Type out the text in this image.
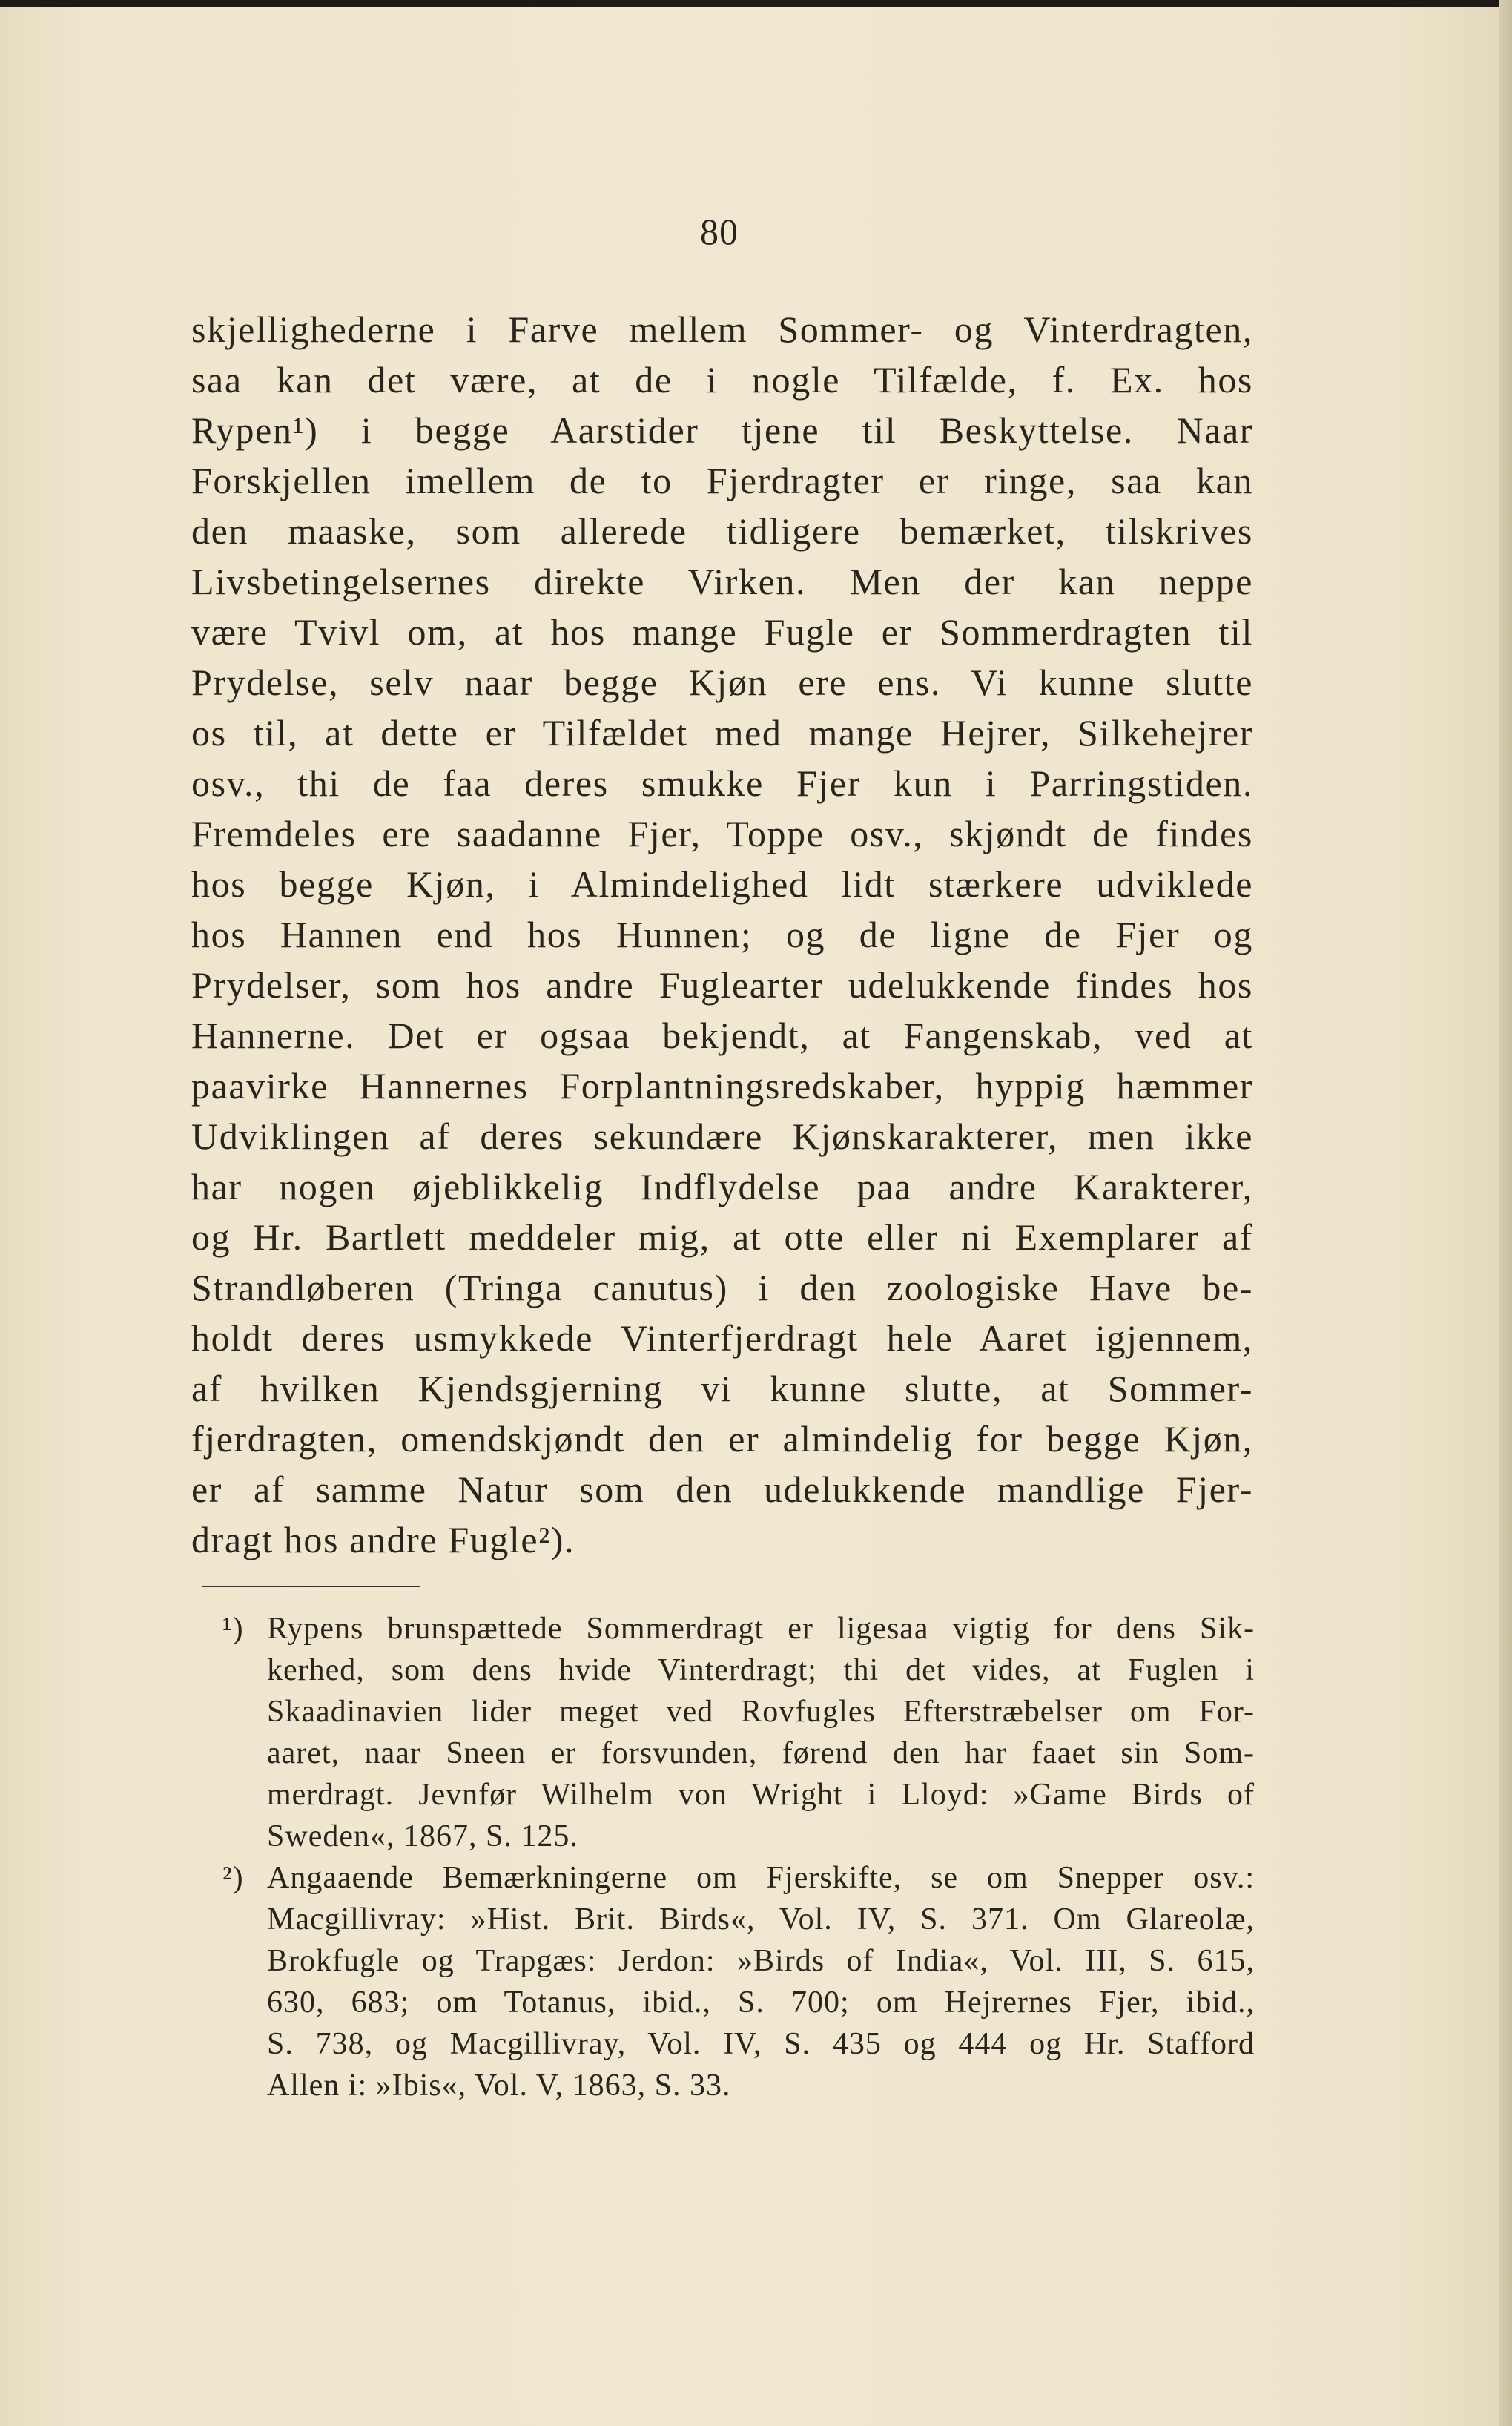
80
skjellighederne i Farve mellem Sommer- og Vinterdragten,
saa kan det være, at de i nogle Tilfælde, f. Ex. hos
Rypen¹) i begge Aarstider tjene til Beskyttelse. Naar
Forskjellen imellem de to Fjerdragter er ringe, saa kan
den maaske, som allerede tidligere bemærket, tilskrives
Livsbetingelsernes direkte Virken. Men der kan neppe
være Tvivl om, at hos mange Fugle er Sommerdragten til
Prydelse, selv naar begge Kjøn ere ens. Vi kunne slutte
os til, at dette er Tilfældet med mange Hejrer, Silkehejrer
osv., thi de faa deres smukke Fjer kun i Parringstiden.
Fremdeles ere saadanne Fjer, Toppe osv., skjøndt de findes
hos begge Kjøn, i Almindelighed lidt stærkere udviklede
hos Hannen end hos Hunnen; og de ligne de Fjer og
Prydelser, som hos andre Fuglearter udelukkende findes hos
Hannerne. Det er ogsaa bekjendt, at Fangenskab, ved at
paavirke Hannernes Forplantningsredskaber, hyppig hæmmer
Udviklingen af deres sekundære Kjønskarakterer, men ikke
har nogen øjeblikkelig Indflydelse paa andre Karakterer,
og Hr. Bartlett meddeler mig, at otte eller ni Exemplarer af
Strandløberen (Tringa canutus) i den zoologiske Have be-
holdt deres usmykkede Vinterfjerdragt hele Aaret igjennem,
af hvilken Kjendsgjerning vi kunne slutte, at Sommer-
fjerdragten, omendskjøndt den er almindelig for begge Kjøn,
er af samme Natur som den udelukkende mandlige Fjer-
dragt hos andre Fugle²).
¹) Rypens brunspættede Sommerdragt er ligesaa vigtig for dens Sik-
kerhed, som dens hvide Vinterdragt; thi det vides, at Fuglen i
Skaadinavien lider meget ved Rovfugles Efterstræbelser om For-
aaret, naar Sneen er forsvunden, førend den har faaet sin Som-
merdragt. Jevnfør Wilhelm von Wright i Lloyd: »Game Birds of
Sweden«, 1867, S. 125.
²) Angaaende Bemærkningerne om Fjerskifte, se om Snepper osv.:
Macgillivray: »Hist. Brit. Birds«, Vol. IV, S. 371. Om Glareolæ,
Brokfugle og Trapgæs: Jerdon: »Birds of India«, Vol. III, S. 615,
630, 683; om Totanus, ibid., S. 700; om Hejrernes Fjer, ibid.,
S. 738, og Macgillivray, Vol. IV, S. 435 og 444 og Hr. Stafford
Allen i: »Ibis«, Vol. V, 1863, S. 33.
